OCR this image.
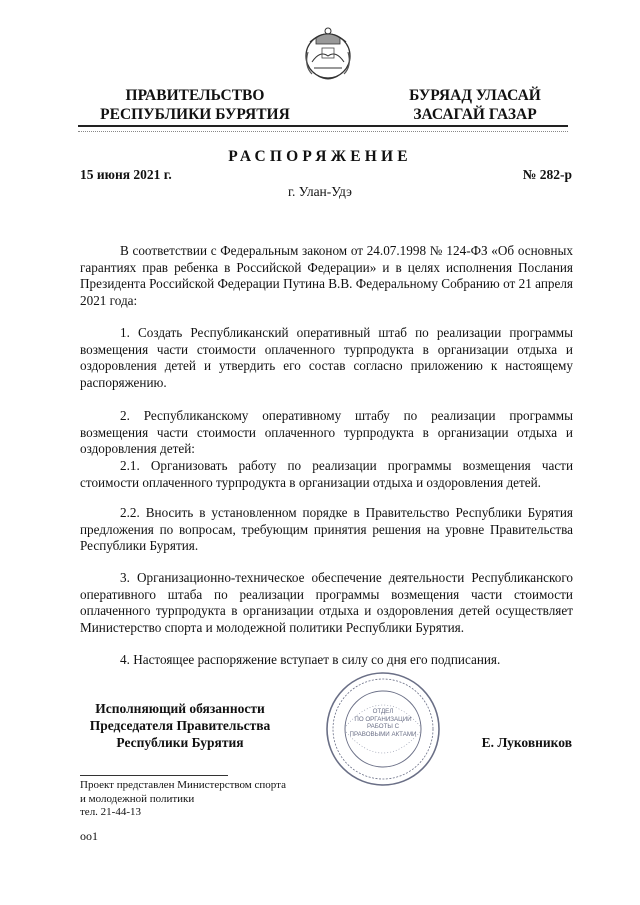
ПРАВИТЕЛЬСТВО
РЕСПУБЛИКИ БУРЯТИЯ
БУРЯАД УЛАСАЙ
ЗАСАГАЙ ГАЗАР
РАСПОРЯЖЕНИЕ
15 июня 2021 г.	№ 282-р
г. Улан-Удэ
В соответствии с Федеральным законом от 24.07.1998 № 124-ФЗ «Об основных гарантиях прав ребенка в Российской Федерации» и в целях исполнения Послания Президента Российской Федерации Путина В.В. Федеральному Собранию от 21 апреля 2021 года:
1. Создать Республиканский оперативный штаб по реализации программы возмещения части стоимости оплаченного турпродукта в организации отдыха и оздоровления детей и утвердить его состав согласно приложению к настоящему распоряжению.
2. Республиканскому оперативному штабу по реализации программы возмещения части стоимости оплаченного турпродукта в организации отдыха и оздоровления детей:
2.1. Организовать работу по реализации программы возмещения части стоимости оплаченного турпродукта в организации отдыха и оздоровления детей.
2.2. Вносить в установленном порядке в Правительство Республики Бурятия предложения по вопросам, требующим принятия решения на уровне Правительства Республики Бурятия.
3. Организационно-техническое обеспечение деятельности Республиканского оперативного штаба по реализации программы возмещения части стоимости оплаченного турпродукта в организации отдыха и оздоровления детей осуществляет Министерство спорта и молодежной политики Республики Бурятия.
4. Настоящее распоряжение вступает в силу со дня его подписания.
Исполняющий обязанности
Председателя Правительства
Республики Бурятия	Е. Луковников
ОТДЕЛ
ПО ОРГАНИЗАЦИИ
РАБОТЫ С
ПРАВОВЫМИ АКТАМИ
Проект представлен Министерством спорта
и молодежной политики
тел. 21-44-13
оо1
